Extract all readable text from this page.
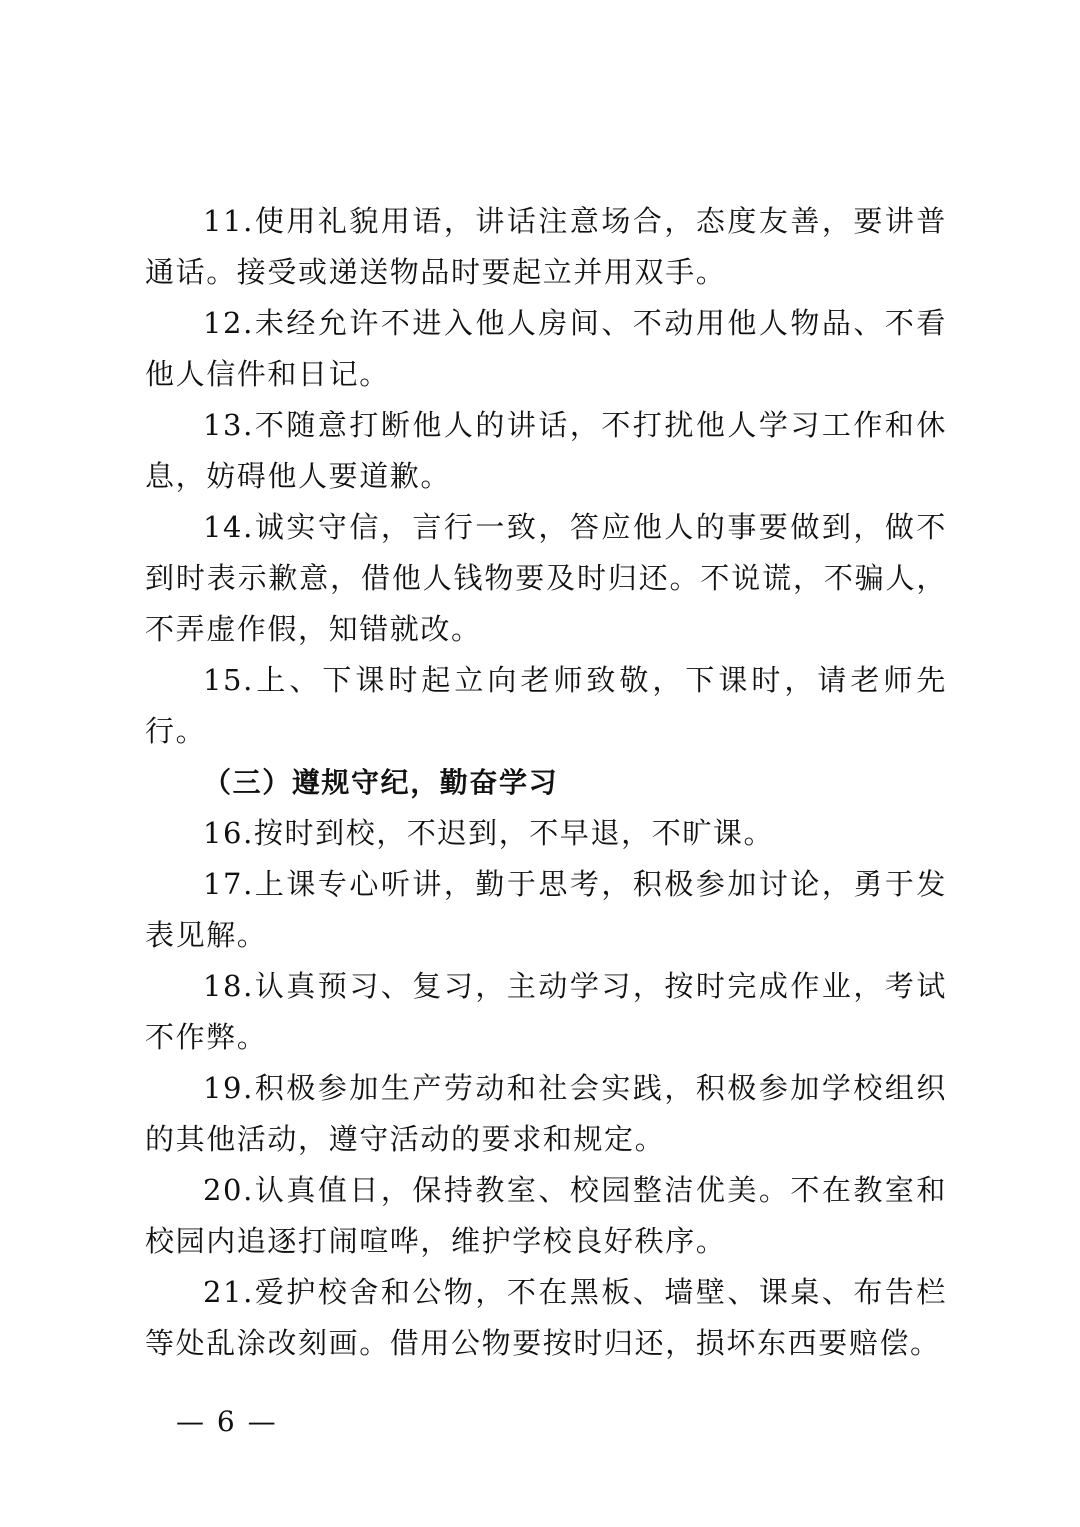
11.使用礼貌用语，讲话注意场合，态度友善，要讲普通话。接受或递送物品时要起立并用双手。

12.未经允许不进入他人房间、不动用他人物品、不看他人信件和日记。

13.不随意打断他人的讲话，不打扰他人学习工作和休息，妨碍他人要道歉。

14.诚实守信，言行一致，答应他人的事要做到，做不到时表示歉意，借他人钱物要及时归还。不说谎，不骗人，不弄虚作假，知错就改。

15.上、下课时起立向老师致敬，下课时，请老师先行。

（三）遵规守纪，勤奋学习

16.按时到校，不迟到，不早退，不旷课。

17.上课专心听讲，勤于思考，积极参加讨论，勇于发表见解。

18.认真预习、复习，主动学习，按时完成作业，考试不作弊。

19.积极参加生产劳动和社会实践，积极参加学校组织的其他活动，遵守活动的要求和规定。

20.认真值日，保持教室、校园整洁优美。不在教室和校园内追逐打闹喧哗，维护学校良好秩序。

21.爱护校舍和公物，不在黑板、墙壁、课桌、布告栏等处乱涂改刻画。借用公物要按时归还，损坏东西要赔偿。

— 6 —
